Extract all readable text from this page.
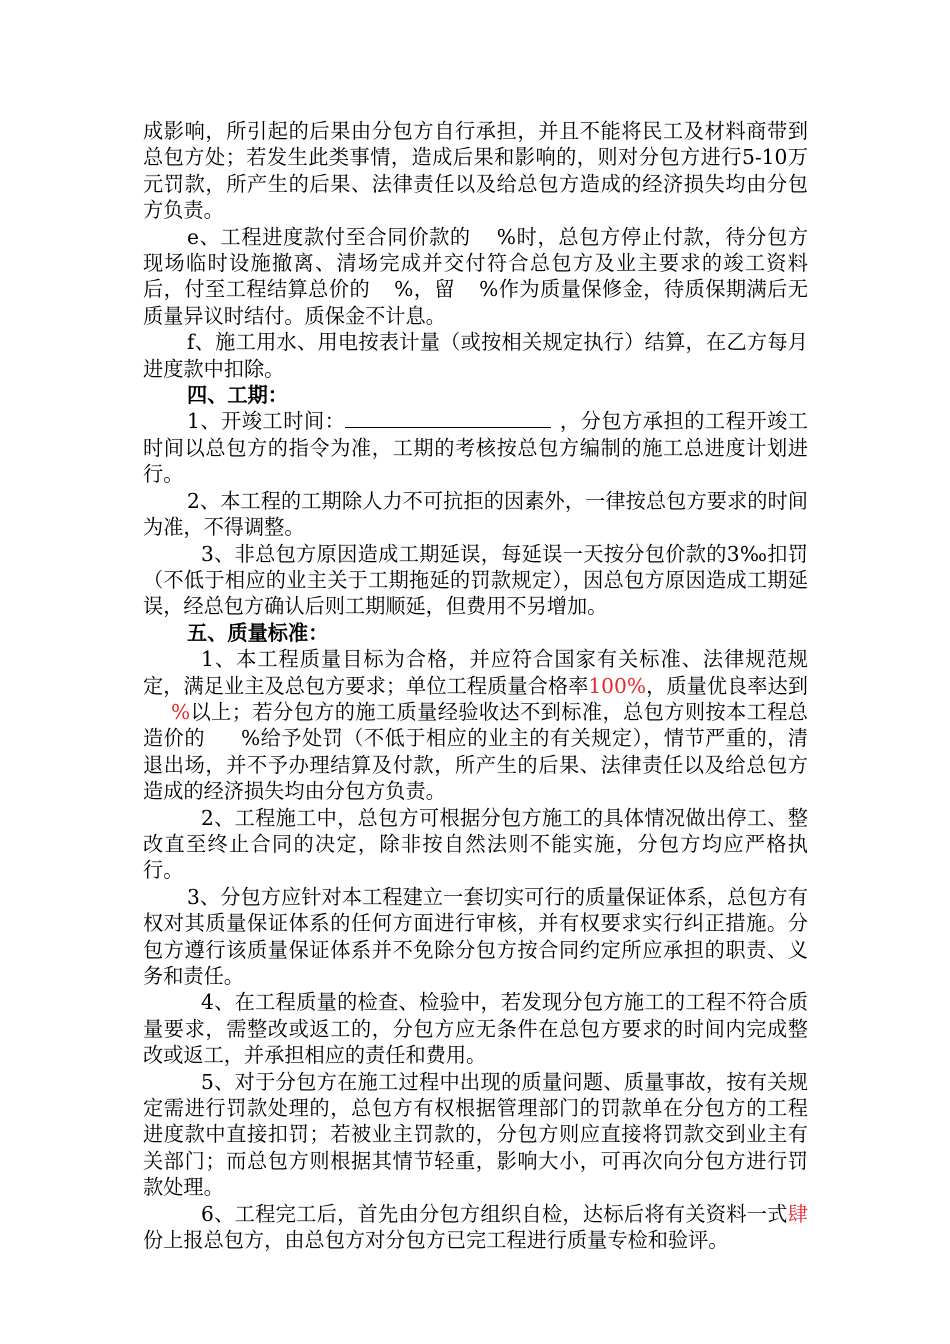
成影响，所引起的后果由分包方自行承担，并且不能将民工及材料商带到总包方处；若发生此类事情，造成后果和影响的，则对分包方进行5-10万元罚款，所产生的后果、法律责任以及给总包方造成的经济损失均由分包方负责。

e、工程进度款付至合同价款的 %时，总包方停止付款，待分包方现场临时设施撤离、清场完成并交付符合总包方及业主要求的竣工资料后，付至工程结算总价的 %，留 %作为质量保修金，待质保期满后无质量异议时结付。质保金不计息。

f、施工用水、用电按表计量（或按相关规定执行）结算，在乙方每月进度款中扣除。

四、工期：

1、开竣工时间：	，分包方承担的工程开竣工时间以总包方的指令为准，工期的考核按总包方编制的施工总进度计划进行。

2、本工程的工期除人力不可抗拒的因素外，一律按总包方要求的时间为准，不得调整。

3、非总包方原因造成工期延误，每延误一天按分包价款的3‰扣罚（不低于相应的业主关于工期拖延的罚款规定），因总包方原因造成工期延误，经总包方确认后则工期顺延，但费用不另增加。

五、质量标准：

1、本工程质量目标为合格，并应符合国家有关标准、法律规范规定，满足业主及总包方要求；单位工程质量合格率100%，质量优良率达到%以上；若分包方的施工质量经验收达不到标准，总包方则按本工程总造价的 %给予处罚（不低于相应的业主的有关规定），情节严重的，清退出场，并不予办理结算及付款，所产生的后果、法律责任以及给总包方造成的经济损失均由分包方负责。

2、工程施工中，总包方可根据分包方施工的具体情况做出停工、整改直至终止合同的决定，除非按自然法则不能实施，分包方均应严格执行。

3、分包方应针对本工程建立一套切实可行的质量保证体系，总包方有权对其质量保证体系的任何方面进行审核，并有权要求实行纠正措施。分包方遵行该质量保证体系并不免除分包方按合同约定所应承担的职责、义务和责任。

4、在工程质量的检查、检验中，若发现分包方施工的工程不符合质量要求，需整改或返工的，分包方应无条件在总包方要求的时间内完成整改或返工，并承担相应的责任和费用。

5、对于分包方在施工过程中出现的质量问题、质量事故，按有关规定需进行罚款处理的，总包方有权根据管理部门的罚款单在分包方的工程进度款中直接扣罚；若被业主罚款的，分包方则应直接将罚款交到业主有关部门；而总包方则根据其情节轻重，影响大小，可再次向分包方进行罚款处理。

6、工程完工后，首先由分包方组织自检，达标后将有关资料一式肆份上报总包方，由总包方对分包方已完工程进行质量专检和验评。
